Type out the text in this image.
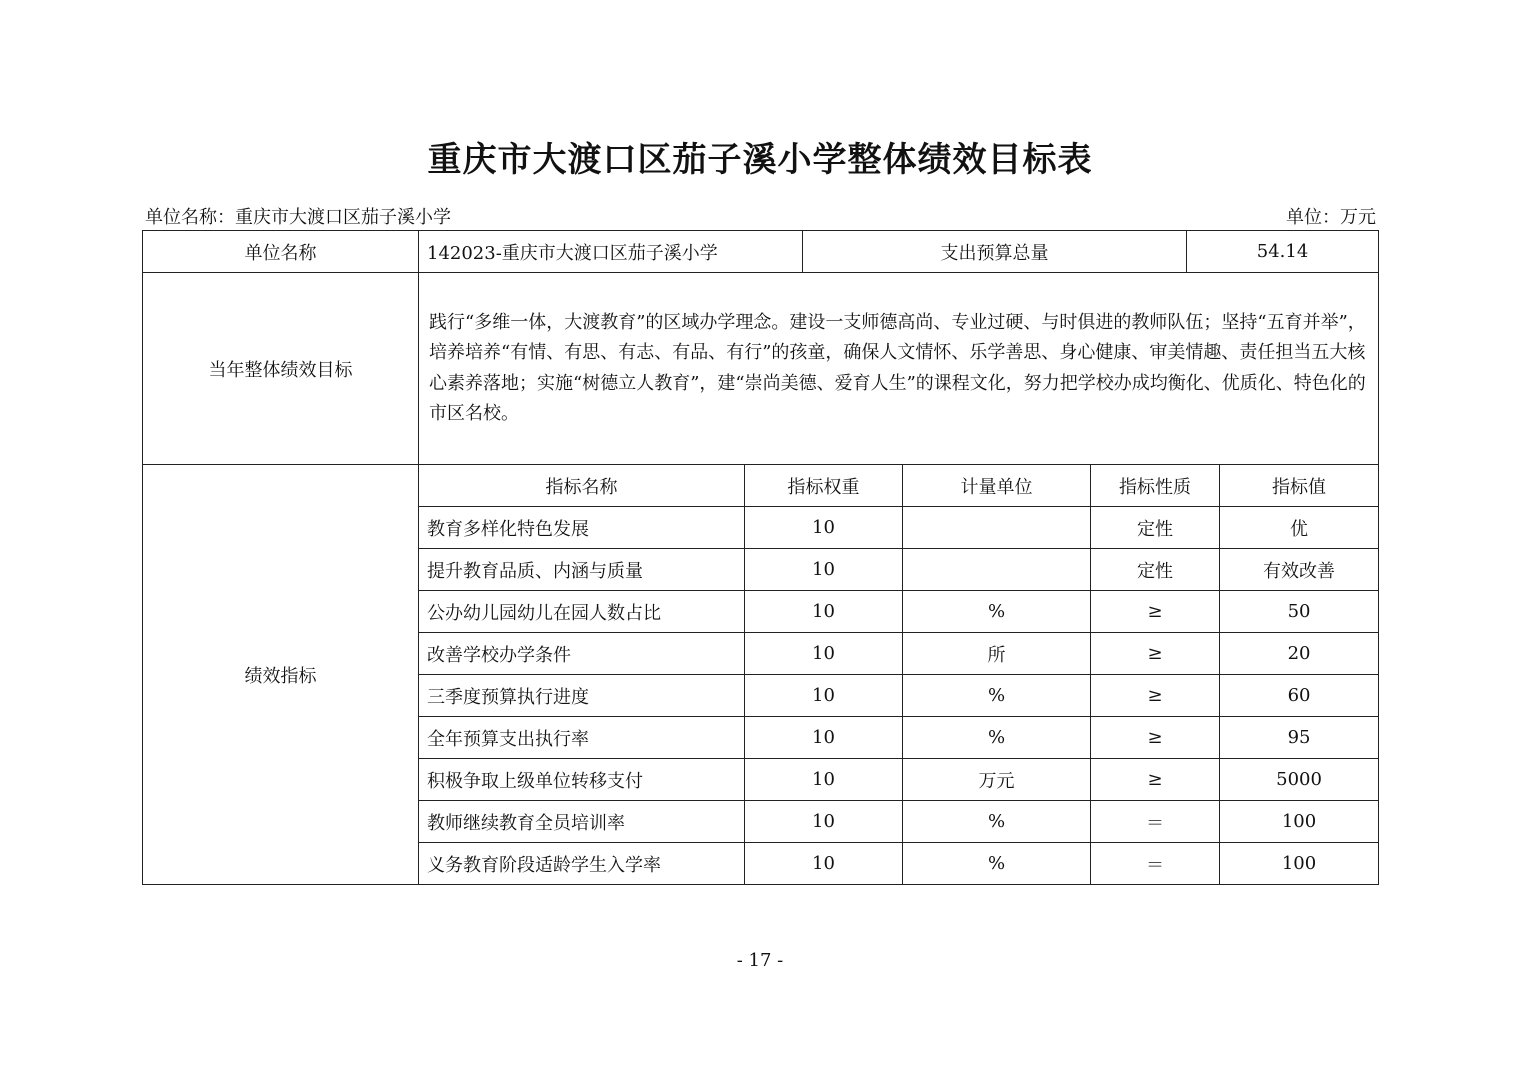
重庆市大渡口区茄子溪小学整体绩效目标表
单位名称：重庆市大渡口区茄子溪小学	单位：万元
单位名称	142023-重庆市大渡口区茄子溪小学		支出预算总量			54.14	
当年整体绩效目标	践行“多维一体，大渡教育”的区域办学理念。建设一支师德高尚、专业过硬、与时俱进的教师队伍；坚持“五育并举”，培养培养“有情、有思、有志、有品、有行”的孩童，确保人文情怀、乐学善思、身心健康、审美情趣、责任担当五大核心素养落地；实施“树德立人教育”，建“崇尚美德、爱育人生”的课程文化，努力把学校办成均衡化、优质化、特色化的市区名校。						
绩效指标	指标名称	指标权重		计量单位	指标性质		指标值
	教育多样化特色发展	10			定性		优
	提升教育品质、内涵与质量	10			定性		有效改善
	公办幼儿园幼儿在园人数占比	10		%	≥		50
	改善学校办学条件	10		所	≥		20
	三季度预算执行进度	10		%	≥		60
	全年预算支出执行率	10		%	≥		95
	积极争取上级单位转移支付	10		万元	≥		5000
	教师继续教育全员培训率	10		%	＝		100
	义务教育阶段适龄学生入学率	10		%	＝		100
- 17 -
